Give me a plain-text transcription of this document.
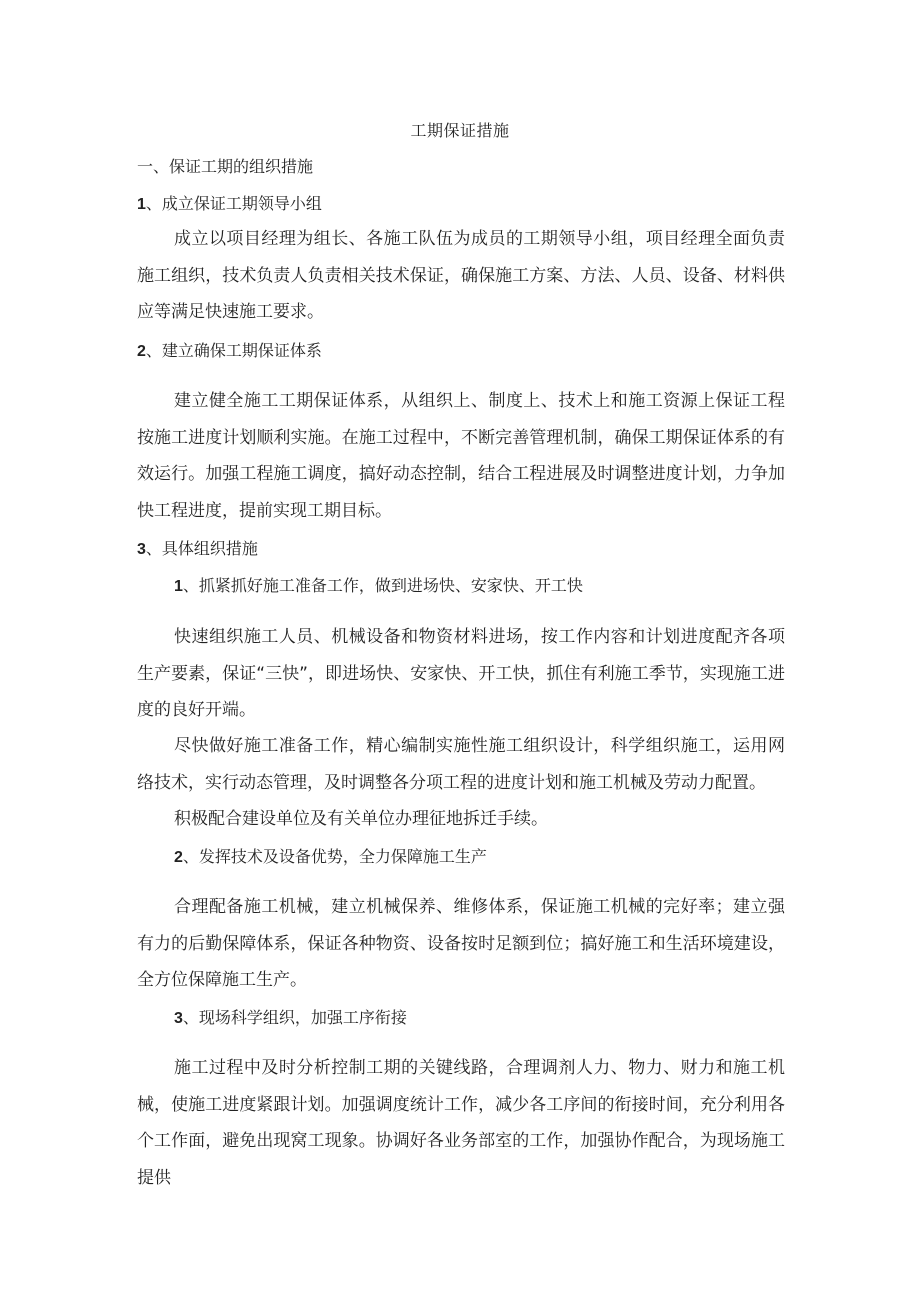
工期保证措施
一、保证工期的组织措施
1、成立保证工期领导小组

成立以项目经理为组长、各施工队伍为成员的工期领导小组，项目经理全面负责施工组织，技术负责人负责相关技术保证，确保施工方案、方法、人员、设备、材料供应等满足快速施工要求。

2、建立确保工期保证体系

建立健全施工工期保证体系，从组织上、制度上、技术上和施工资源上保证工程按施工进度计划顺利实施。在施工过程中，不断完善管理机制，确保工期保证体系的有效运行。加强工程施工调度，搞好动态控制，结合工程进展及时调整进度计划，力争加快工程进度，提前实现工期目标。

3、具体组织措施
1、抓紧抓好施工准备工作，做到进场快、安家快、开工快

快速组织施工人员、机械设备和物资材料进场，按工作内容和计划进度配齐各项生产要素，保证“三快”，即进场快、安家快、开工快，抓住有利施工季节，实现施工进度的良好开端。

尽快做好施工准备工作，精心编制实施性施工组织设计，科学组织施工，运用网络技术，实行动态管理，及时调整各分项工程的进度计划和施工机械及劳动力配置。

积极配合建设单位及有关单位办理征地拆迁手续。

2、发挥技术及设备优势，全力保障施工生产

合理配备施工机械，建立机械保养、维修体系，保证施工机械的完好率；建立强有力的后勤保障体系，保证各种物资、设备按时足额到位；搞好施工和生活环境建设，全方位保障施工生产。

3、现场科学组织，加强工序衔接

施工过程中及时分析控制工期的关键线路，合理调剂人力、物力、财力和施工机械，使施工进度紧跟计划。加强调度统计工作，减少各工序间的衔接时间，充分利用各个工作面，避免出现窝工现象。协调好各业务部室的工作，加强协作配合，为现场施工提供
